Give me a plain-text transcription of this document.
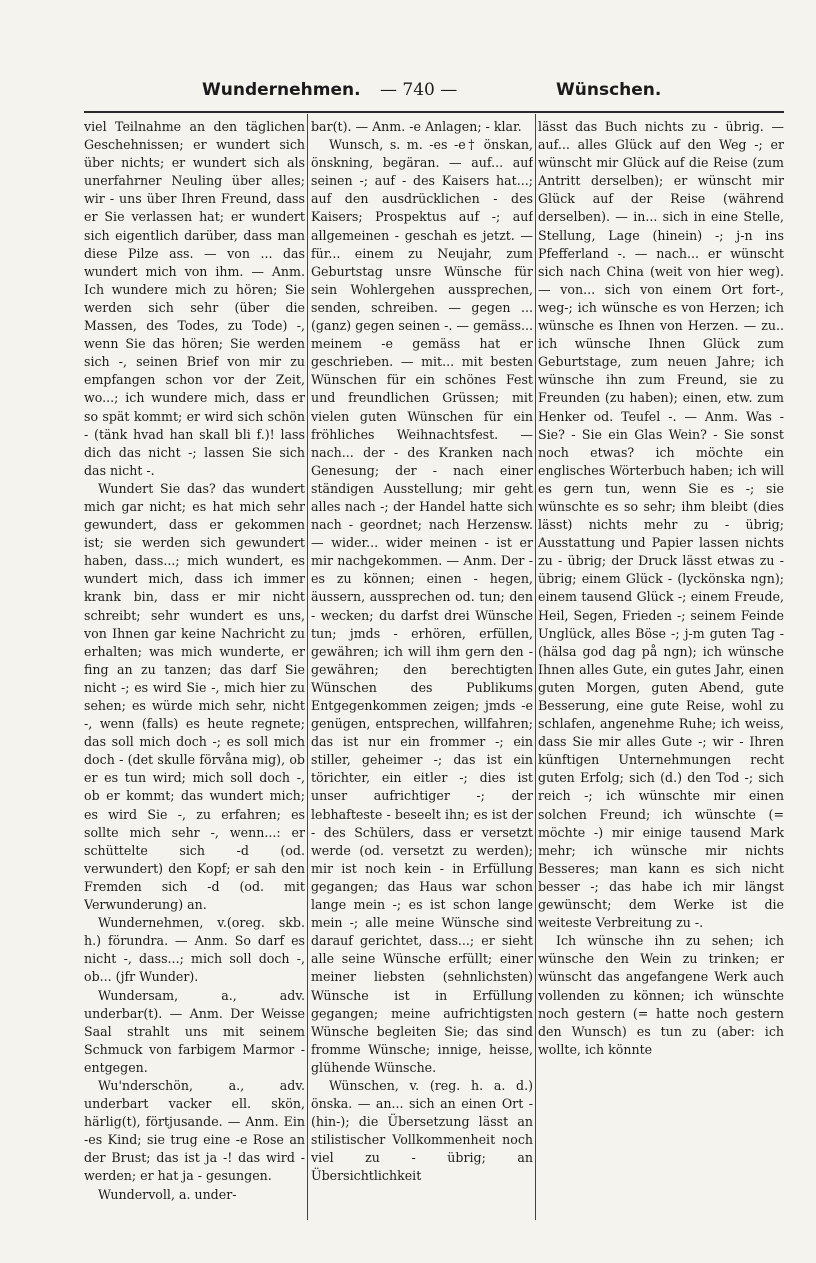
Wundernehmen. — 740 —	Wünschen.

viel Teilnahme an den täglichen Geschehnissen; er wundert sich über nichts; er wundert sich als unerfahrner Neuling über alles; wir - uns über Ihren Freund, dass er Sie verlassen hat; er wundert sich eigentlich darüber, dass man diese Pilze ass. — von ... das wundert mich von ihm. — Anm. Ich wundere mich zu hören; Sie werden sich sehr (über die Massen, des Todes, zu Tode) -, wenn Sie das hören; Sie werden sich -, seinen Brief von mir zu empfangen schon vor der Zeit, wo...; ich wundere mich, dass er so spät kommt; er wird sich schön - (tänk hvad han skall bli f.)! lass dich das nicht -; lassen Sie sich das nicht -.

Wundert Sie das? das wundert mich gar nicht; es hat mich sehr gewundert, dass er gekommen ist; sie werden sich gewundert haben, dass...; mich wundert, es wundert mich, dass ich immer krank bin, dass er mir nicht schreibt; sehr wundert es uns, von Ihnen gar keine Nachricht zu erhalten; was mich wunderte, er fing an zu tanzen; das darf Sie nicht -; es wird Sie -, mich hier zu sehen; es würde mich sehr, nicht -, wenn (falls) es heute regnete; das soll mich doch -; es soll mich doch - (det skulle förvåna mig), ob er es tun wird; mich soll doch -, ob er kommt; das wundert mich; es wird Sie -, zu erfahren; es sollte mich sehr -, wenn...: er schüttelte sich -d (od. verwundert) den Kopf; er sah den Fremden sich -d (od. mit Verwunderung) an.

Wundernehmen, v.(oreg. skb. h.) förundra. — Anm. So darf es nicht -, dass...; mich soll doch -, ob... (jfr Wunder).

Wundersam, a., adv. underbar(t). — Anm. Der Weisse Saal strahlt uns mit seinem Schmuck von farbigem Marmor - entgegen.

Wu'nderschön, a., adv. underbart vacker ell. skön, härlig(t), förtjusande. — Anm. Ein -es Kind; sie trug eine -e Rose an der Brust; das ist ja -! das wird - werden; er hat ja - gesungen.

Wundervoll, a. under-

bar(t). — Anm. -e Anlagen; - klar.

Wunsch, s. m. -es -e† önskan, önskning, begäran. — auf... auf seinen -; auf - des Kaisers hat...; auf den ausdrücklichen - des Kaisers; Prospektus auf -; auf allgemeinen - geschah es jetzt. — für... einem zu Neujahr, zum Geburtstag unsre Wünsche für sein Wohlergehen aussprechen, senden, schreiben. — gegen ... (ganz) gegen seinen -. — gemäss... meinem -e gemäss hat er geschrieben. — mit... mit besten Wünschen für ein schönes Fest und freundlichen Grüssen; mit vielen guten Wünschen für ein fröhliches Weihnachtsfest. — nach... der - des Kranken nach Genesung; der - nach einer ständigen Ausstellung; mir geht alles nach -; der Handel hatte sich nach - geordnet; nach Herzensw. — wider... wider meinen - ist er mir nachgekommen. — Anm. Der - es zu können; einen - hegen, äussern, aussprechen od. tun; den - wecken; du darfst drei Wünsche tun; jmds - erhören, erfüllen, gewähren; ich will ihm gern den - gewähren; den berechtigten Wünschen des Publikums Entgegenkommen zeigen; jmds -e genügen, entsprechen, willfahren; das ist nur ein frommer -; ein stiller, geheimer -; das ist ein törichter, ein eitler -; dies ist unser aufrichtiger -; der lebhafteste - beseelt ihn; es ist der - des Schülers, dass er versetzt werde (od. versetzt zu werden); mir ist noch kein - in Erfüllung gegangen; das Haus war schon lange mein -; es ist schon lange mein -; alle meine Wünsche sind darauf gerichtet, dass...; er sieht alle seine Wünsche erfüllt; einer meiner liebsten (sehnlichsten) Wünsche ist in Erfüllung gegangen; meine aufrichtigsten Wünsche begleiten Sie; das sind fromme Wünsche; innige, heisse, glühende Wünsche.

Wünschen, v. (reg. h. a. d.) önska. — an... sich an einen Ort - (hin-); die Übersetzung lässt an stilistischer Vollkommenheit noch viel zu - übrig; an Übersichtlichkeit

lässt das Buch nichts zu - übrig. — auf... alles Glück auf den Weg -; er wünscht mir Glück auf die Reise (zum Antritt derselben); er wünscht mir Glück auf der Reise (während derselben). — in... sich in eine Stelle, Stellung, Lage (hinein) -; j-n ins Pfefferland -. — nach... er wünscht sich nach China (weit von hier weg). — von... sich von einem Ort fort-, weg-; ich wünsche es von Herzen; ich wünsche es Ihnen von Herzen. — zu.. ich wünsche Ihnen Glück zum Geburtstage, zum neuen Jahre; ich wünsche ihn zum Freund, sie zu Freunden (zu haben); einen, etw. zum Henker od. Teufel -. — Anm. Was - Sie? - Sie ein Glas Wein? - Sie sonst noch etwas? ich möchte ein englisches Wörterbuch haben; ich will es gern tun, wenn Sie es -; sie wünschte es so sehr; ihm bleibt (dies lässt) nichts mehr zu - übrig; Ausstattung und Papier lassen nichts zu - übrig; der Druck lässt etwas zu - übrig; einem Glück - (lyckönska ngn); einem tausend Glück -; einem Freude, Heil, Segen, Frieden -; seinem Feinde Unglück, alles Böse -; j-m guten Tag - (hälsa god dag på ngn); ich wünsche Ihnen alles Gute, ein gutes Jahr, einen guten Morgen, guten Abend, gute Besserung, eine gute Reise, wohl zu schlafen, angenehme Ruhe; ich weiss, dass Sie mir alles Gute -; wir - Ihren künftigen Unternehmungen recht guten Erfolg; sich (d.) den Tod -; sich reich -; ich wünschte mir einen solchen Freund; ich wünschte (= möchte -) mir einige tausend Mark mehr; ich wünsche mir nichts Besseres; man kann es sich nicht besser -; das habe ich mir längst gewünscht; dem Werke ist die weiteste Verbreitung zu -.

Ich wünsche ihn zu sehen; ich wünsche den Wein zu trinken; er wünscht das angefangene Werk auch vollenden zu können; ich wünschte noch gestern (= hatte noch gestern den Wunsch) es tun zu (aber: ich wollte, ich könnte
